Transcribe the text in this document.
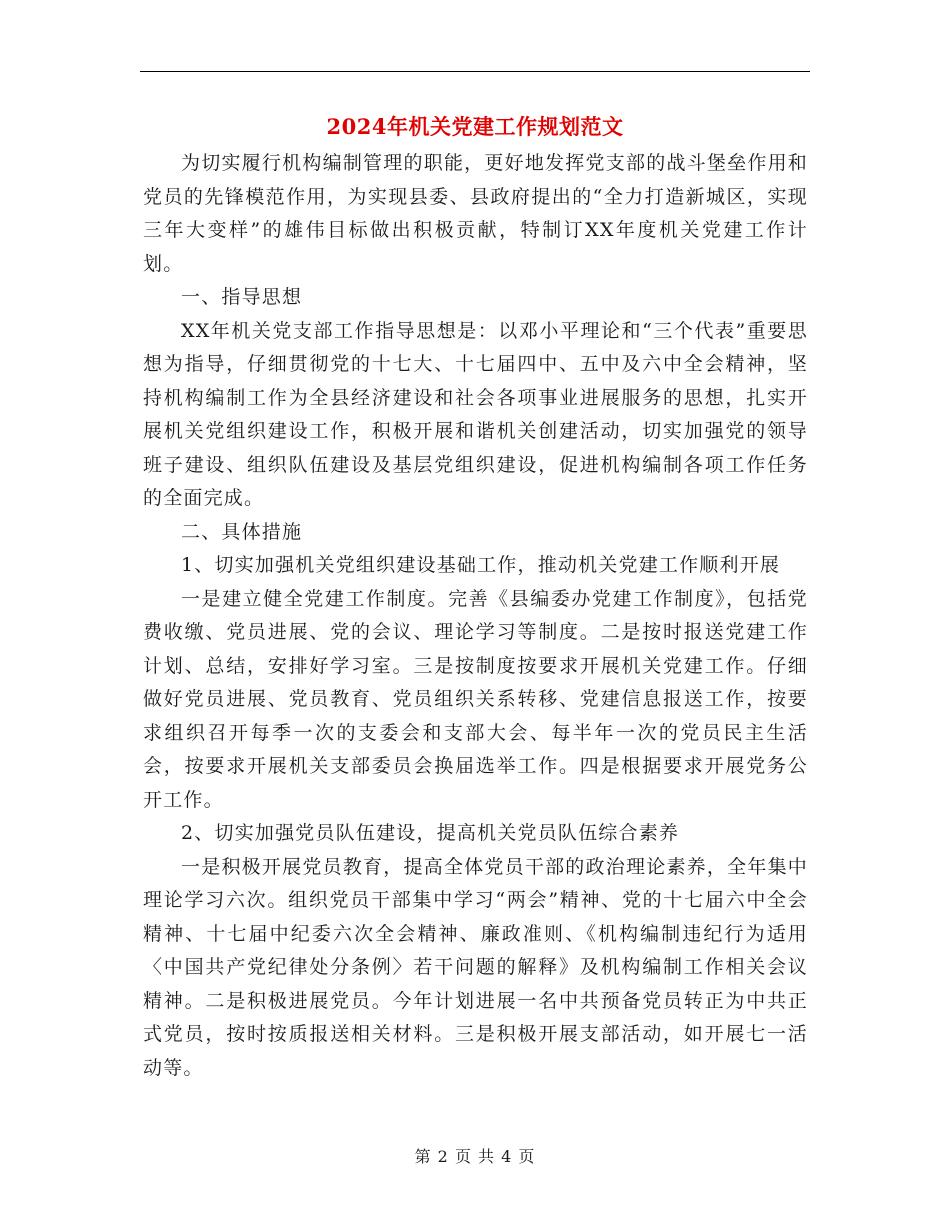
2024年机关党建工作规划范文

为切实履行机构编制管理的职能，更好地发挥党支部的战斗堡垒作用和党员的先锋模范作用，为实现县委、县政府提出的“全力打造新城区，实现三年大变样”的雄伟目标做出积极贡献，特制订XX年度机关党建工作计划。

一、指导思想

XX年机关党支部工作指导思想是：以邓小平理论和“三个代表”重要思想为指导，仔细贯彻党的十七大、十七届四中、五中及六中全会精神，坚持机构编制工作为全县经济建设和社会各项事业进展服务的思想，扎实开展机关党组织建设工作，积极开展和谐机关创建活动，切实加强党的领导班子建设、组织队伍建设及基层党组织建设，促进机构编制各项工作任务的全面完成。

二、具体措施

1、切实加强机关党组织建设基础工作，推动机关党建工作顺利开展

一是建立健全党建工作制度。完善《县编委办党建工作制度》，包括党费收缴、党员进展、党的会议、理论学习等制度。二是按时报送党建工作计划、总结，安排好学习室。三是按制度按要求开展机关党建工作。仔细做好党员进展、党员教育、党员组织关系转移、党建信息报送工作，按要求组织召开每季一次的支委会和支部大会、每半年一次的党员民主生活会，按要求开展机关支部委员会换届选举工作。四是根据要求开展党务公开工作。

2、切实加强党员队伍建设，提高机关党员队伍综合素养

一是积极开展党员教育，提高全体党员干部的政治理论素养，全年集中理论学习六次。组织党员干部集中学习“两会”精神、党的十七届六中全会精神、十七届中纪委六次全会精神、廉政准则、《机构编制违纪行为适用〈中国共产党纪律处分条例〉若干问题的解释》及机构编制工作相关会议精神。二是积极进展党员。今年计划进展一名中共预备党员转正为中共正式党员，按时按质报送相关材料。三是积极开展支部活动，如开展七一活动等。

第 2 页 共 4 页
